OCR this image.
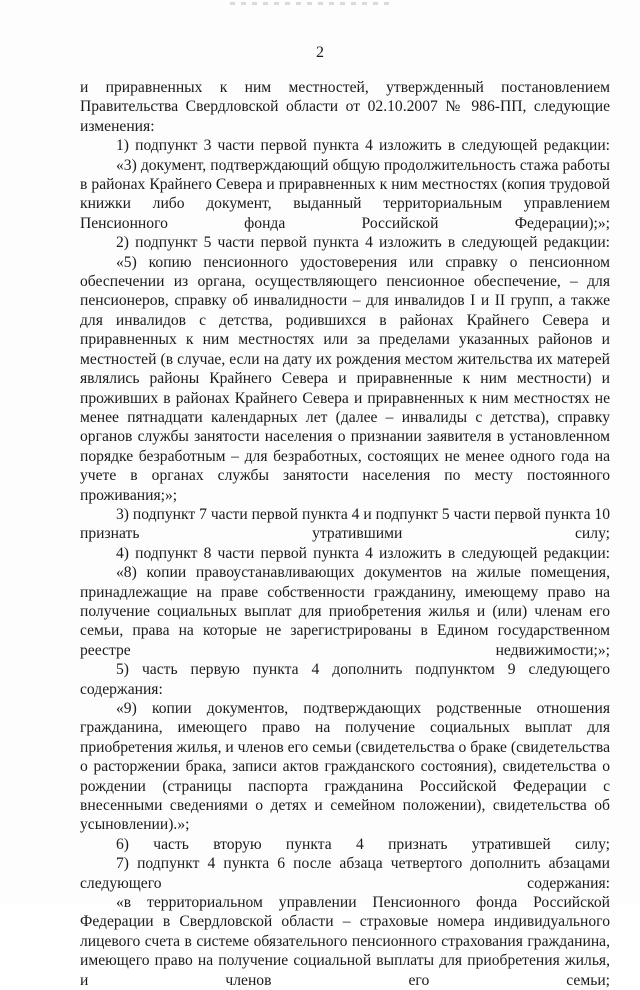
2

и приравненных к ним местностей, утвержденный постановлением Правительства Свердловской области от 02.10.2007 № 986-ПП, следующие изменения:

1) подпункт 3 части первой пункта 4 изложить в следующей редакции:

«3) документ, подтверждающий общую продолжительность стажа работы в районах Крайнего Севера и приравненных к ним местностях (копия трудовой книжки либо документ, выданный территориальным управлением Пенсионного фонда Российской Федерации);»;

2) подпункт 5 части первой пункта 4 изложить в следующей редакции:

«5) копию пенсионного удостоверения или справку о пенсионном обеспечении из органа, осуществляющего пенсионное обеспечение, – для пенсионеров, справку об инвалидности – для инвалидов I и II групп, а также для инвалидов с детства, родившихся в районах Крайнего Севера и приравненных к ним местностях или за пределами указанных районов и местностей (в случае, если на дату их рождения местом жительства их матерей являлись районы Крайнего Севера и приравненные к ним местности) и проживших в районах Крайнего Севера и приравненных к ним местностях не менее пятнадцати календарных лет (далее – инвалиды с детства), справку органов службы занятости населения о признании заявителя в установленном порядке безработным – для безработных, состоящих не менее одного года на учете в органах службы занятости населения по месту постоянного проживания;»;

3) подпункт 7 части первой пункта 4 и подпункт 5 части первой пункта 10 признать утратившими силу;

4) подпункт 8 части первой пункта 4 изложить в следующей редакции:

«8) копии правоустанавливающих документов на жилые помещения, принадлежащие на праве собственности гражданину, имеющему право на получение социальных выплат для приобретения жилья и (или) членам его семьи, права на которые не зарегистрированы в Едином государственном реестре недвижимости;»;

5) часть первую пункта 4 дополнить подпунктом 9 следующего содержания:

«9) копии документов, подтверждающих родственные отношения гражданина, имеющего право на получение социальных выплат для приобретения жилья, и членов его семьи (свидетельства о браке (свидетельства о расторжении брака, записи актов гражданского состояния), свидетельства о рождении (страницы паспорта гражданина Российской Федерации с внесенными сведениями о детях и семейном положении), свидетельства об усыновлении).»;

6) часть вторую пункта 4 признать утратившей силу;

7) подпункт 4 пункта 6 после абзаца четвертого дополнить абзацами следующего содержания:

«в территориальном управлении Пенсионного фонда Российской Федерации в Свердловской области – страховые номера индивидуального лицевого счета в системе обязательного пенсионного страхования гражданина, имеющего право на получение социальной выплаты для приобретения жилья, и членов его семьи;
